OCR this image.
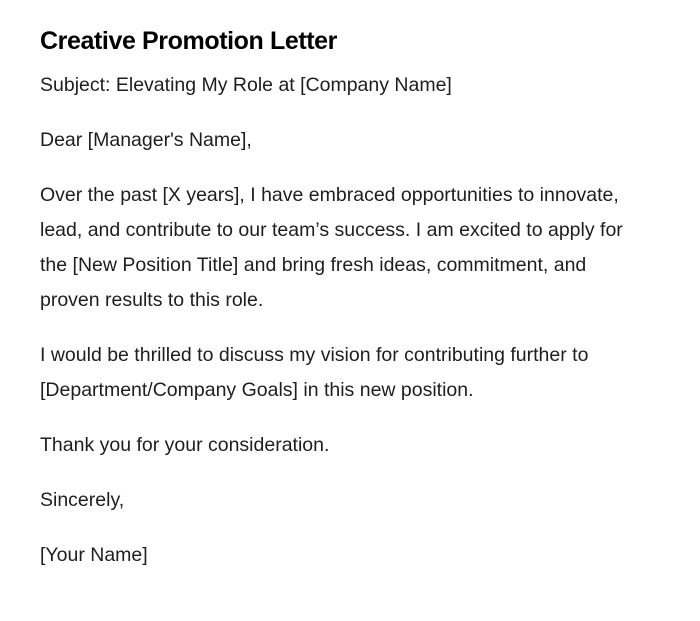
Creative Promotion Letter

Subject: Elevating My Role at [Company Name]

Dear [Manager's Name],

Over the past [X years], I have embraced opportunities to innovate, lead, and contribute to our team’s success. I am excited to apply for the [New Position Title] and bring fresh ideas, commitment, and proven results to this role.

I would be thrilled to discuss my vision for contributing further to [Department/Company Goals] in this new position.

Thank you for your consideration.

Sincerely,

[Your Name]
